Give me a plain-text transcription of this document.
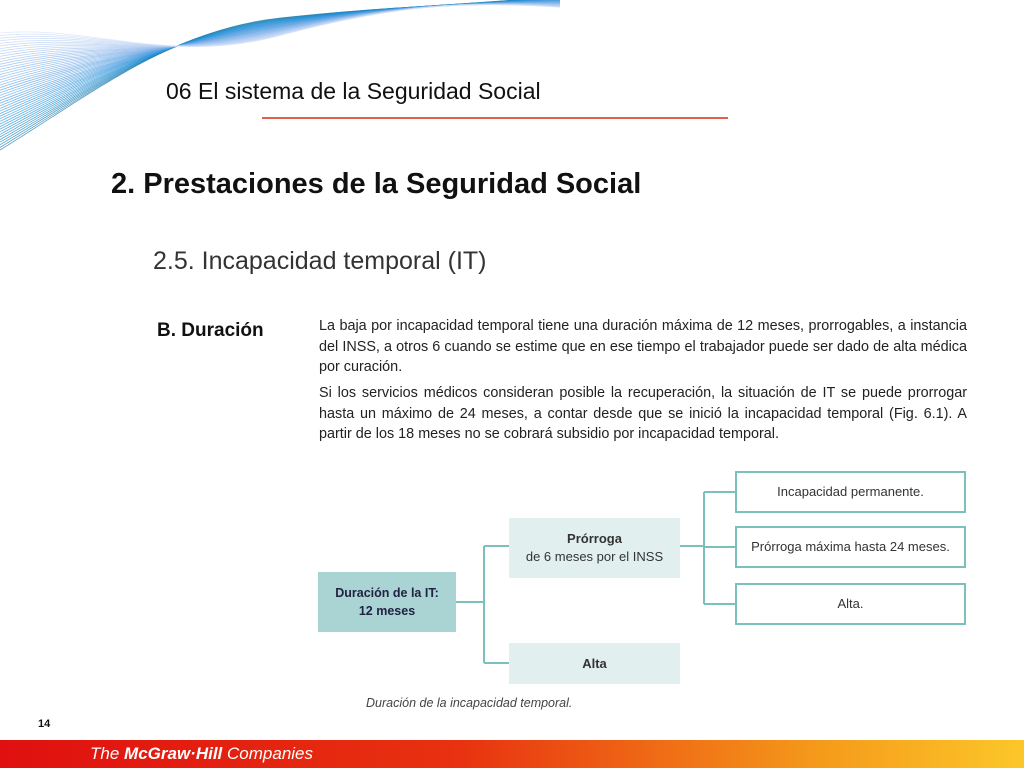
06 El sistema de la Seguridad Social
2. Prestaciones de la Seguridad Social
2.5. Incapacidad temporal (IT)
B. Duración	La baja por incapacidad temporal tiene una duración máxima de 12 meses, prorrogables, a instancia del INSS, a otros 6 cuando se estime que en ese tiempo el trabajador puede ser dado de alta médica por curación.
Si los servicios médicos consideran posible la recuperación, la situación de IT se puede prorrogar hasta un máximo de 24 meses, a contar desde que se inició la incapacidad temporal (Fig. 6.1). A partir de los 18 meses no se cobrará subsidio por incapacidad temporal.
Duración de la IT:
12 meses
Prórroga
de 6 meses por el INSS
Alta
Incapacidad permanente.
Prórroga máxima hasta 24 meses.
Alta.
Duración de la incapacidad temporal.
14
The McGraw·Hill Companies
